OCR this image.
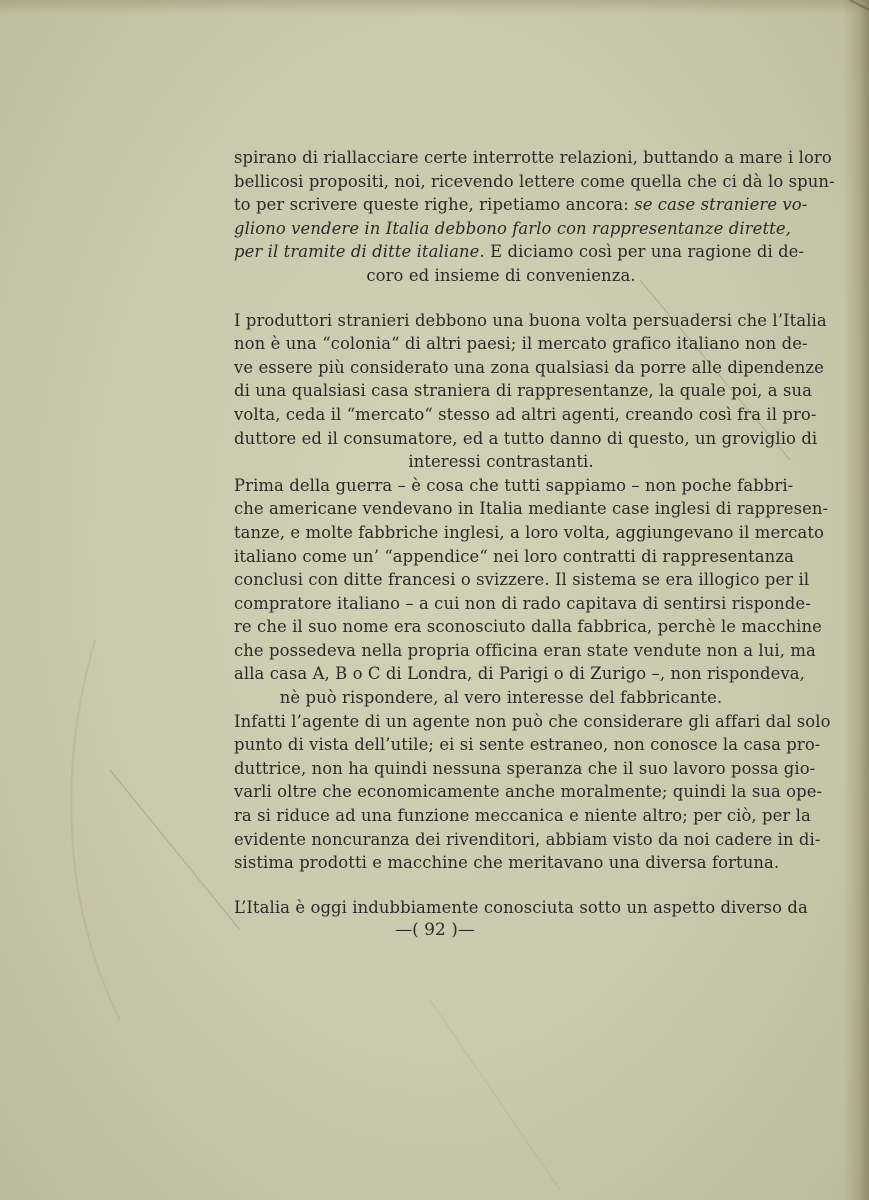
spirano di riallacciare certe interrotte relazioni, buttando a mare i loro
bellicosi propositi, noi, ricevendo lettere come quella che ci dà lo spun-
to per scrivere queste righe, ripetiamo ancora: se case straniere vo-
gliono vendere in Italia debbono farlo con rappresentanze dirette,
per il tramite di ditte italiane. E diciamo così per una ragione di de-
coro ed insieme di convenienza.
I produttori stranieri debbono una buona volta persuadersi che l’Italia
non è una “colonia“ di altri paesi; il mercato grafico italiano non de-
ve essere più considerato una zona qualsiasi da porre alle dipendenze
di una qualsiasi casa straniera di rappresentanze, la quale poi, a sua
volta, ceda il “mercato“ stesso ad altri agenti, creando così fra il pro-
duttore ed il consumatore, ed a tutto danno di questo, un groviglio di
interessi contrastanti.
Prima della guerra – è cosa che tutti sappiamo – non poche fabbri-
che americane vendevano in Italia mediante case inglesi di rappresen-
tanze, e molte fabbriche inglesi, a loro volta, aggiungevano il mercato
italiano come un’ “appendice“ nei loro contratti di rappresentanza
conclusi con ditte francesi o svizzere. Il sistema se era illogico per il
compratore italiano – a cui non di rado capitava di sentirsi risponde-
re che il suo nome era sconosciuto dalla fabbrica, perchè le macchine
che possedeva nella propria officina eran state vendute non a lui, ma
alla casa A, B o C di Londra, di Parigi o di Zurigo –, non rispondeva,
nè può rispondere, al vero interesse del fabbricante.
Infatti l’agente di un agente non può che considerare gli affari dal solo
punto di vista dell’utile; ei si sente estraneo, non conosce la casa pro-
duttrice, non ha quindi nessuna speranza che il suo lavoro possa gio-
varli oltre che economicamente anche moralmente; quindi la sua ope-
ra si riduce ad una funzione meccanica e niente altro; per ciò, per la
evidente noncuranza dei rivenditori, abbiam visto da noi cadere in di-
sistima prodotti e macchine che meritavano una diversa fortuna.
L’Italia è oggi indubbiamente conosciuta sotto un aspetto diverso da
—( 92 )—
